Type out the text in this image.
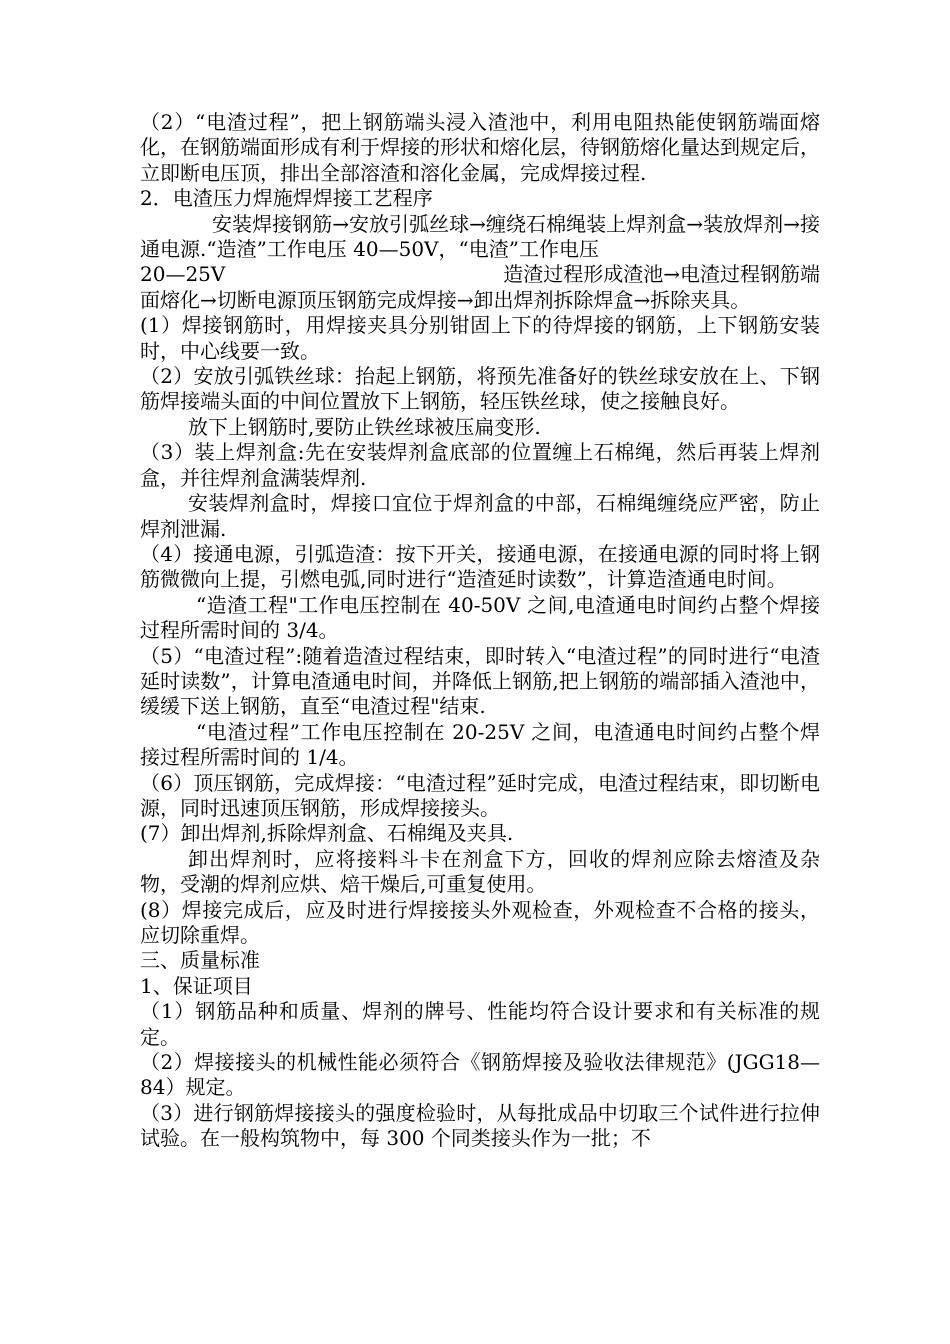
（2）“电渣过程”，把上钢筋端头浸入渣池中，利用电阻热能使钢筋端面熔化，在钢筋端面形成有利于焊接的形状和熔化层，待钢筋熔化量达到规定后，立即断电压顶，排出全部溶渣和溶化金属，完成焊接过程.

2．电渣压力焊施焊焊接工艺程序

安装焊接钢筋→安放引弧丝球→缠绕石棉绳装上焊剂盒→装放焊剂→接通电源.“造渣”工作电压 40—50V，“电渣”工作电压

20—25V	造渣过程形成渣池→电渣过程钢筋端

面熔化→切断电源顶压钢筋完成焊接→卸出焊剂拆除焊盒→拆除夹具。

(1）焊接钢筋时，用焊接夹具分别钳固上下的待焊接的钢筋，上下钢筋安装时，中心线要一致。

（2）安放引弧铁丝球：抬起上钢筋，将预先准备好的铁丝球安放在上、下钢筋焊接端头面的中间位置放下上钢筋，轻压铁丝球，使之接触良好。

放下上钢筋时,要防止铁丝球被压扁变形.

（3）装上焊剂盒:先在安装焊剂盒底部的位置缠上石棉绳，然后再装上焊剂盒，并往焊剂盒满装焊剂.

安装焊剂盒时，焊接口宜位于焊剂盒的中部，石棉绳缠绕应严密，防止焊剂泄漏.

（4）接通电源，引弧造渣：按下开关，接通电源，在接通电源的同时将上钢筋微微向上提，引燃电弧,同时进行“造渣延时读数”，计算造渣通电时间。

“造渣工程"工作电压控制在 40-50V 之间,电渣通电时间约占整个焊接过程所需时间的 3/4。

（5）“电渣过程”:随着造渣过程结束，即时转入“电渣过程”的同时进行“电渣延时读数”，计算电渣通电时间，并降低上钢筋,把上钢筋的端部插入渣池中，缓缓下送上钢筋，直至“电渣过程"结束.

“电渣过程”工作电压控制在 20-25V 之间，电渣通电时间约占整个焊接过程所需时间的 1/4。

（6）顶压钢筋，完成焊接：“电渣过程”延时完成，电渣过程结束，即切断电源，同时迅速顶压钢筋，形成焊接接头。

(7）卸出焊剂,拆除焊剂盒、石棉绳及夹具.

卸出焊剂时，应将接料斗卡在剂盒下方，回收的焊剂应除去熔渣及杂物，受潮的焊剂应烘、焙干燥后,可重复使用。

(8）焊接完成后，应及时进行焊接接头外观检查，外观检查不合格的接头，应切除重焊。

三、质量标准

1、保证项目

（1）钢筋品种和质量、焊剂的牌号、性能均符合设计要求和有关标准的规定。

（2）焊接接头的机械性能必须符合《钢筋焊接及验收法律规范》(JGG18—84）规定。

（3）进行钢筋焊接接头的强度检验时，从每批成品中切取三个试件进行拉伸试验。在一般构筑物中，每 300 个同类接头作为一批；不
